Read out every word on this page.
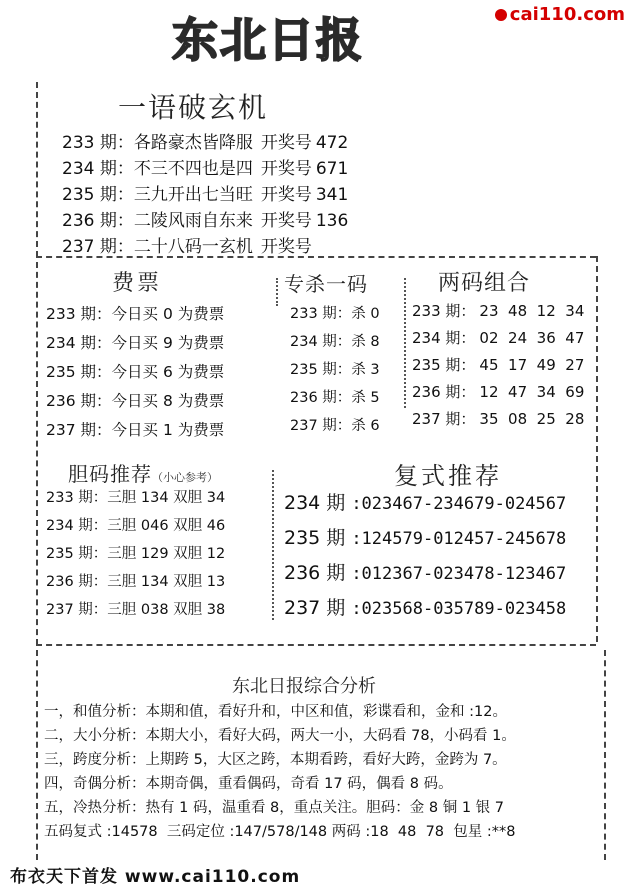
东北日报	cai110.com
一语破玄机
233 期：各路豪杰皆降服 开奖号 472
234 期：不三不四也是四 开奖号 671
235 期：三九开出七当旺 开奖号 341
236 期：二陵风雨自东来 开奖号 136
237 期：二十八码一玄机 开奖号
费票
233 期：今日买 0 为费票
234 期：今日买 9 为费票
235 期：今日买 6 为费票
236 期：今日买 8 为费票
237 期：今日买 1 为费票
专杀一码
233 期：杀 0
234 期：杀 8
235 期：杀 3
236 期：杀 5
237 期：杀 6
两码组合
233 期： 23  48  12  34
234 期： 02  24  36  47
235 期： 45  17  49  27
236 期： 12  47  34  69
237 期： 35  08  25  28
胆码推荐（小心参考）
233 期：三胆 134 双胆 34
234 期：三胆 046 双胆 46
235 期：三胆 129 双胆 12
236 期：三胆 134 双胆 13
237 期：三胆 038 双胆 38
复式推荐
234 期 :023467-234679-024567
235 期 :124579-012457-245678
236 期 :012367-023478-123467
237 期 :023568-035789-023458
东北日报综合分析
一，和值分析：本期和值，看好升和，中区和值，彩谍看和，金和 :12。
二，大小分析：本期大小，看好大码，两大一小，大码看 78，小码看 1。
三，跨度分析：上期跨 5，大区之跨，本期看跨，看好大跨，金跨为 7。
四，奇偶分析：本期奇偶，重看偶码，奇看 17 码，偶看 8 码。
五，冷热分析：热有 1 码，温重看 8，重点关注。胆码：金 8 铜 1 银 7
五码复式 :14578  三码定位 :147/578/148 两码 :18  48  78  包星 :**8
布衣天下首发 www.cai110.com
